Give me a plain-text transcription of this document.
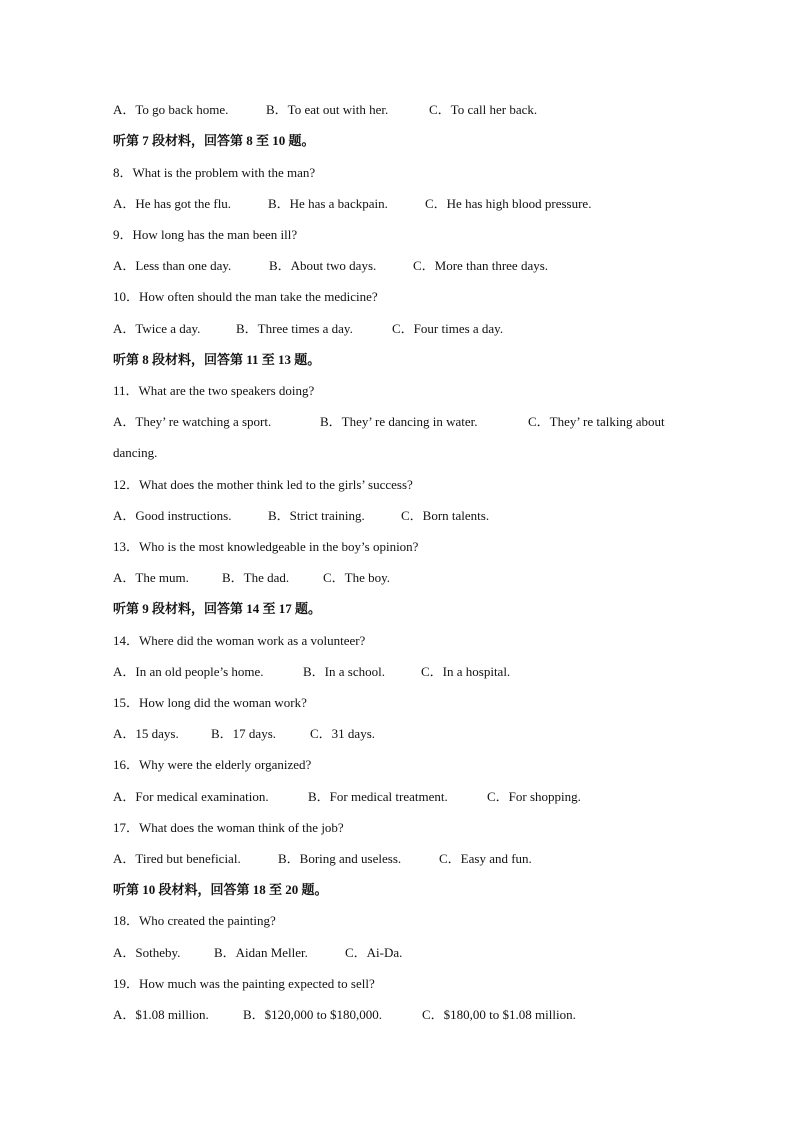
A．To go back home.	B．To eat out with her.	C．To call her back.
听第 7 段材料，回答第 8 至 10 题。
8．What is the problem with the man?
A．He has got the flu.	B．He has a backpain.	C．He has high blood pressure.
9．How long has the man been ill?
A．Less than one day.	B．About two days.	C．More than three days.
10．How often should the man take the medicine?
A．Twice a day.	B．Three times a day.	C．Four times a day.
听第 8 段材料，回答第 11 至 13 题。
11．What are the two speakers doing?
A．They’ re watching a sport.	B．They’ re dancing in water.	C．They’ re talking about
dancing.
12．What does the mother think led to the girls’ success?
A．Good instructions.	B．Strict training.	C．Born talents.
13．Who is the most knowledgeable in the boy’s opinion?
A．The mum.	B．The dad.	C．The boy.
听第 9 段材料，回答第 14 至 17 题。
14．Where did the woman work as a volunteer?
A．In an old people’s home.	B．In a school.	C．In a hospital.
15．How long did the woman work?
A．15 days. B．17 days.	C．31 days.
16．Why were the elderly organized?
A．For medical examination.	B．For medical treatment.	C．For shopping.
17．What does the woman think of the job?
A．Tired but beneficial.	B．Boring and useless.	C．Easy and fun.
听第 10 段材料，回答第 18 至 20 题。
18．Who created the painting?
A．Sotheby.	B．Aidan Meller.	C．Ai-Da.
19．How much was the painting expected to sell?
A．$1.08 million.	B．$120,000 to $180,000.	C．$180,00 to $1.08 million.
